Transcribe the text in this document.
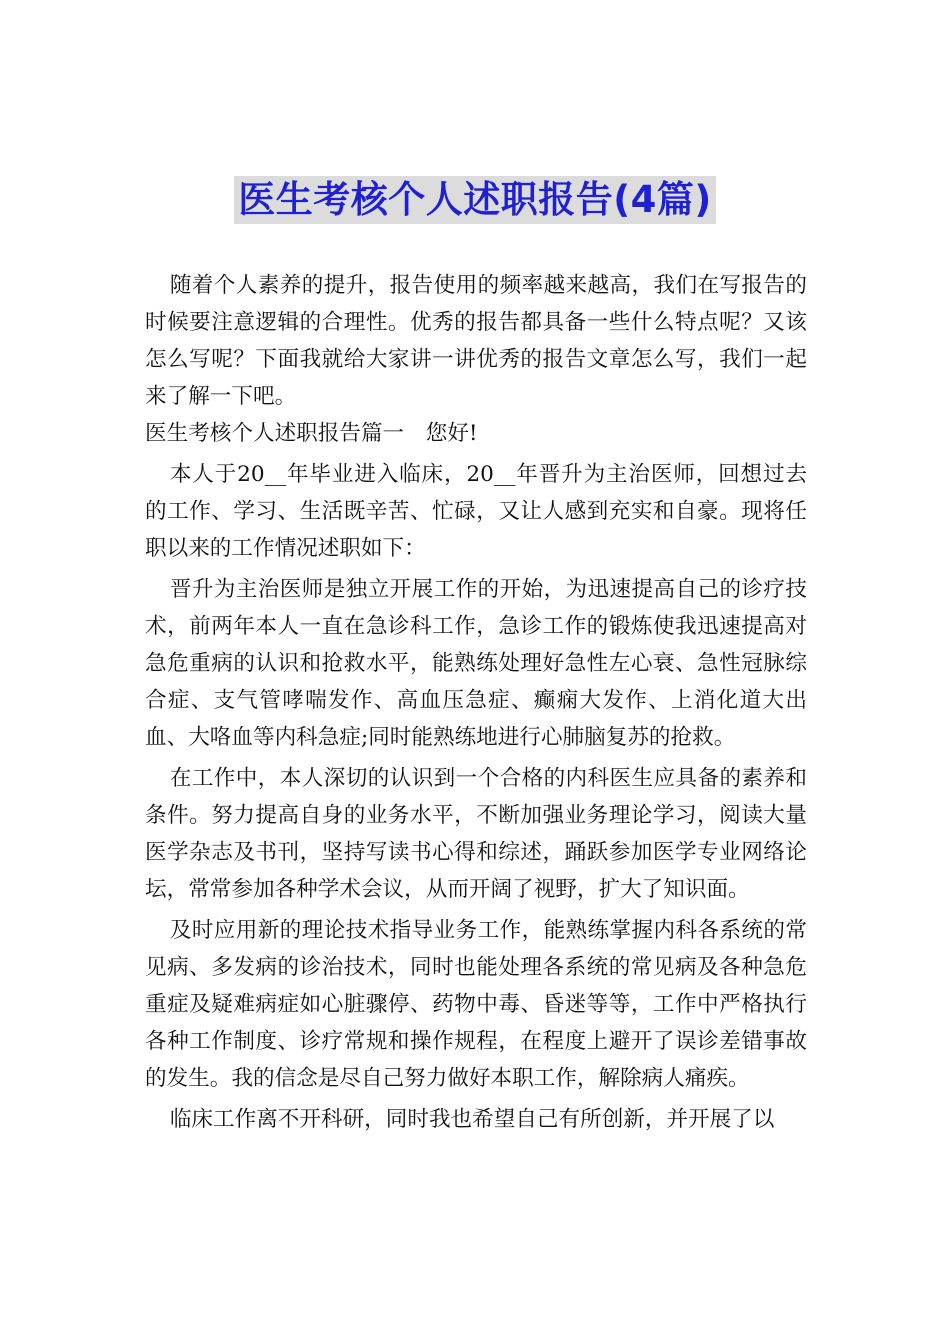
医生考核个人述职报告(4篇)

随着个人素养的提升，报告使用的频率越来越高，我们在写报告的时候要注意逻辑的合理性。优秀的报告都具备一些什么特点呢？又该怎么写呢？下面我就给大家讲一讲优秀的报告文章怎么写，我们一起来了解一下吧。

医生考核个人述职报告篇一　您好!

本人于20__年毕业进入临床，20__年晋升为主治医师，回想过去的工作、学习、生活既辛苦、忙碌，又让人感到充实和自豪。现将任职以来的工作情况述职如下：

晋升为主治医师是独立开展工作的开始，为迅速提高自己的诊疗技术，前两年本人一直在急诊科工作，急诊工作的锻炼使我迅速提高对急危重病的认识和抢救水平，能熟练处理好急性左心衰、急性冠脉综合症、支气管哮喘发作、高血压急症、癫痫大发作、上消化道大出血、大咯血等内科急症;同时能熟练地进行心肺脑复苏的抢救。

在工作中，本人深切的认识到一个合格的内科医生应具备的素养和条件。努力提高自身的业务水平，不断加强业务理论学习，阅读大量医学杂志及书刊，坚持写读书心得和综述，踊跃参加医学专业网络论坛，常常参加各种学术会议，从而开阔了视野，扩大了知识面。

及时应用新的理论技术指导业务工作，能熟练掌握内科各系统的常见病、多发病的诊治技术，同时也能处理各系统的常见病及各种急危重症及疑难病症如心脏骤停、药物中毒、昏迷等等，工作中严格执行各种工作制度、诊疗常规和操作规程，在程度上避开了误诊差错事故的发生。我的信念是尽自己努力做好本职工作，解除病人痛疾。

临床工作离不开科研，同时我也希望自己有所创新，并开展了以
